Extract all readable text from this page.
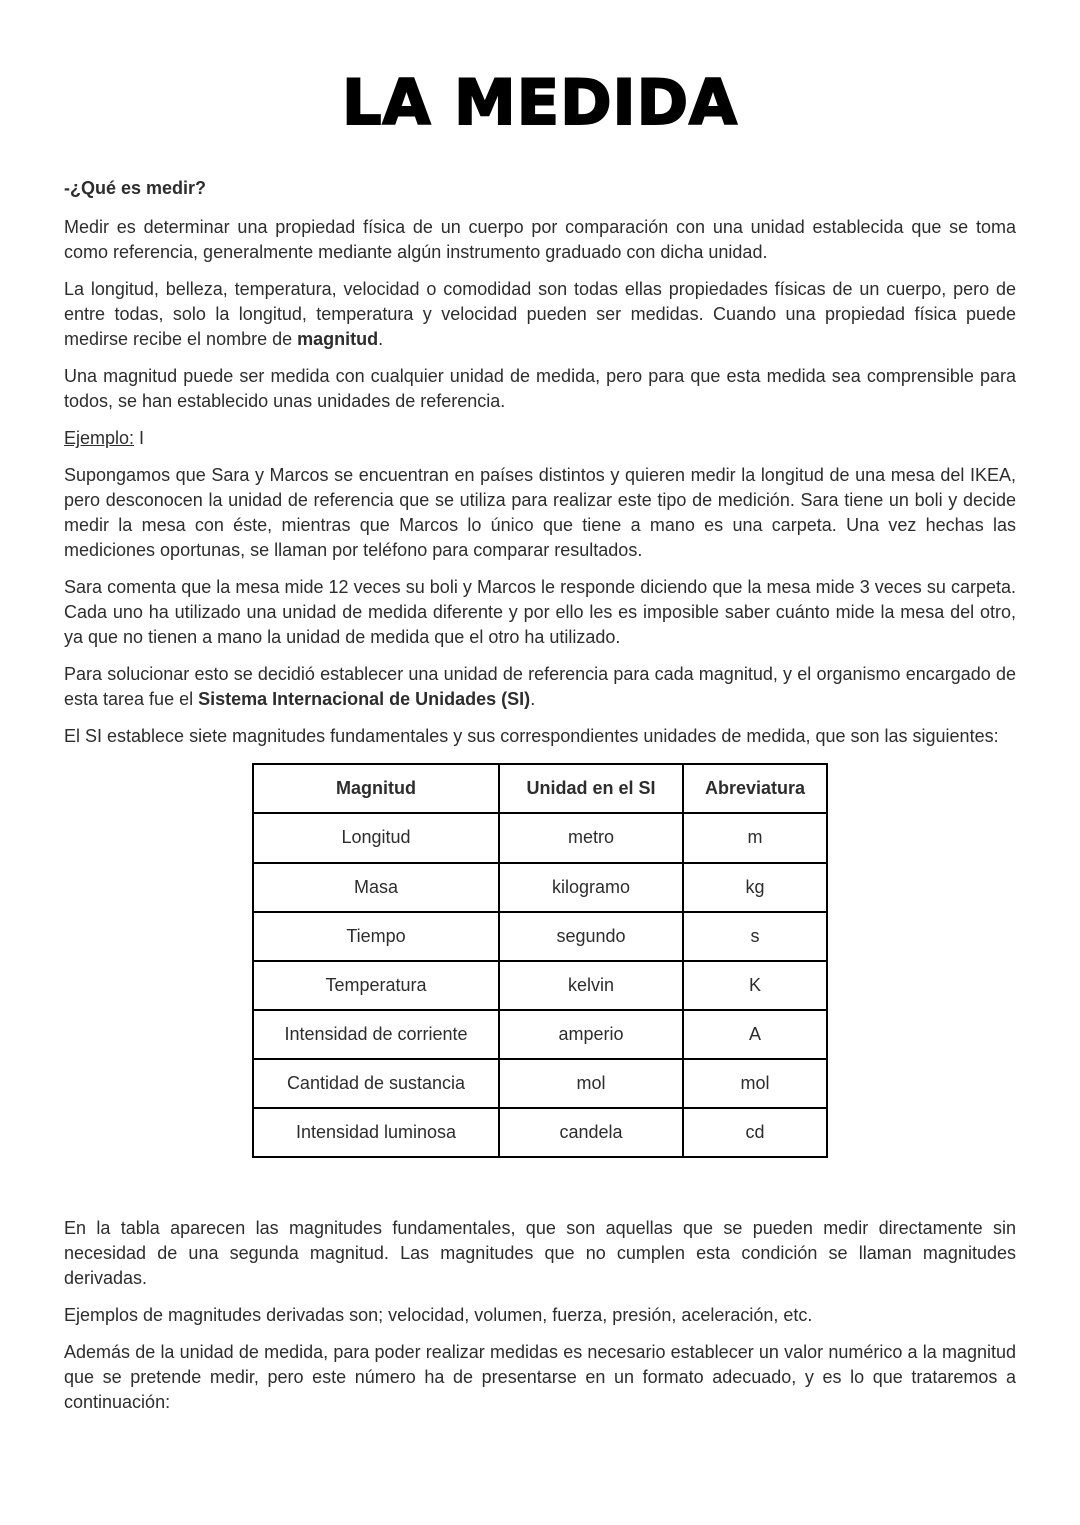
LA MEDIDA

-¿Qué es medir?

Medir es determinar una propiedad física de un cuerpo por comparación con una unidad establecida que se toma como referencia, generalmente mediante algún instrumento graduado con dicha unidad.

La longitud, belleza, temperatura, velocidad o comodidad son todas ellas propiedades físicas de un cuerpo, pero de entre todas, solo la longitud, temperatura y velocidad pueden ser medidas. Cuando una propiedad física puede medirse recibe el nombre de magnitud.

Una magnitud puede ser medida con cualquier unidad de medida, pero para que esta medida sea comprensible para todos, se han establecido unas unidades de referencia.

Ejemplo: I

Supongamos que Sara y Marcos se encuentran en países distintos y quieren medir la longitud de una mesa del IKEA, pero desconocen la unidad de referencia que se utiliza para realizar este tipo de medición. Sara tiene un boli y decide medir la mesa con éste, mientras que Marcos lo único que tiene a mano es una carpeta. Una vez hechas las mediciones oportunas, se llaman por teléfono para comparar resultados.

Sara comenta que la mesa mide 12 veces su boli y Marcos le responde diciendo que la mesa mide 3 veces su carpeta. Cada uno ha utilizado una unidad de medida diferente y por ello les es imposible saber cuánto mide la mesa del otro, ya que no tienen a mano la unidad de medida que el otro ha utilizado.

Para solucionar esto se decidió establecer una unidad de referencia para cada magnitud, y el organismo encargado de esta tarea fue el Sistema Internacional de Unidades (SI).

El SI establece siete magnitudes fundamentales y sus correspondientes unidades de medida, que son las siguientes:

Magnitud	Unidad en el SI	Abreviatura
Longitud	metro	m
Masa	kilogramo	kg
Tiempo	segundo	s
Temperatura	kelvin	K
Intensidad de corriente	amperio	A
Cantidad de sustancia	mol	mol
Intensidad luminosa	candela	cd

En la tabla aparecen las magnitudes fundamentales, que son aquellas que se pueden medir directamente sin necesidad de una segunda magnitud. Las magnitudes que no cumplen esta condición se llaman magnitudes derivadas.

Ejemplos de magnitudes derivadas son; velocidad, volumen, fuerza, presión, aceleración, etc.

Además de la unidad de medida, para poder realizar medidas es necesario establecer un valor numérico a la magnitud que se pretende medir, pero este número ha de presentarse en un formato adecuado, y es lo que trataremos a continuación:
